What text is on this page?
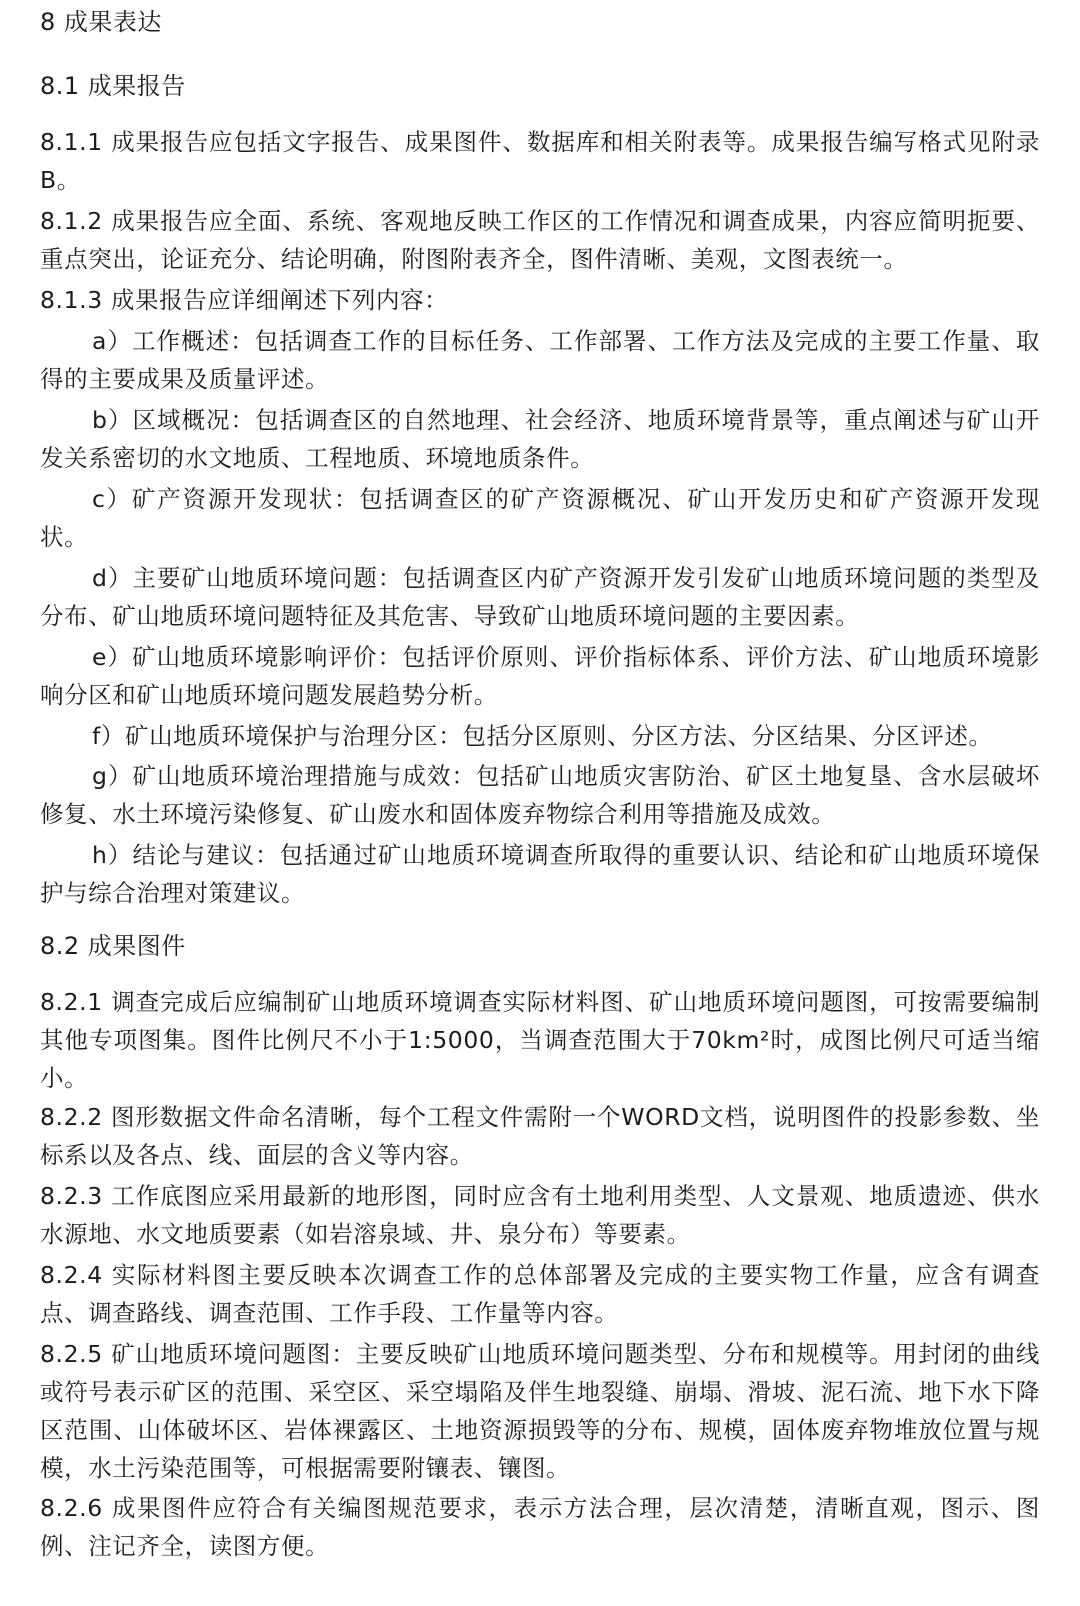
8 成果表达
8.1 成果报告
8.1.1 成果报告应包括文字报告、成果图件、数据库和相关附表等。成果报告编写格式见附录B。
8.1.2 成果报告应全面、系统、客观地反映工作区的工作情况和调查成果，内容应简明扼要、重点突出，论证充分、结论明确，附图附表齐全，图件清晰、美观，文图表统一。
8.1.3 成果报告应详细阐述下列内容：
a）工作概述：包括调查工作的目标任务、工作部署、工作方法及完成的主要工作量、取得的主要成果及质量评述。
b）区域概况：包括调查区的自然地理、社会经济、地质环境背景等，重点阐述与矿山开发关系密切的水文地质、工程地质、环境地质条件。
c）矿产资源开发现状：包括调查区的矿产资源概况、矿山开发历史和矿产资源开发现状。
d）主要矿山地质环境问题：包括调查区内矿产资源开发引发矿山地质环境问题的类型及分布、矿山地质环境问题特征及其危害、导致矿山地质环境问题的主要因素。
e）矿山地质环境影响评价：包括评价原则、评价指标体系、评价方法、矿山地质环境影响分区和矿山地质环境问题发展趋势分析。
f）矿山地质环境保护与治理分区：包括分区原则、分区方法、分区结果、分区评述。
g）矿山地质环境治理措施与成效：包括矿山地质灾害防治、矿区土地复垦、含水层破坏修复、水土环境污染修复、矿山废水和固体废弃物综合利用等措施及成效。
h）结论与建议：包括通过矿山地质环境调查所取得的重要认识、结论和矿山地质环境保护与综合治理对策建议。
8.2 成果图件
8.2.1 调查完成后应编制矿山地质环境调查实际材料图、矿山地质环境问题图，可按需要编制其他专项图集。图件比例尺不小于1:5000，当调查范围大于70km²时，成图比例尺可适当缩小。
8.2.2 图形数据文件命名清晰，每个工程文件需附一个WORD文档，说明图件的投影参数、坐标系以及各点、线、面层的含义等内容。
8.2.3 工作底图应采用最新的地形图，同时应含有土地利用类型、人文景观、地质遗迹、供水水源地、水文地质要素（如岩溶泉域、井、泉分布）等要素。
8.2.4 实际材料图主要反映本次调查工作的总体部署及完成的主要实物工作量，应含有调查点、调查路线、调查范围、工作手段、工作量等内容。
8.2.5 矿山地质环境问题图：主要反映矿山地质环境问题类型、分布和规模等。用封闭的曲线或符号表示矿区的范围、采空区、采空塌陷及伴生地裂缝、崩塌、滑坡、泥石流、地下水下降区范围、山体破坏区、岩体裸露区、土地资源损毁等的分布、规模，固体废弃物堆放位置与规模，水土污染范围等，可根据需要附镶表、镶图。
8.2.6 成果图件应符合有关编图规范要求，表示方法合理，层次清楚，清晰直观，图示、图例、注记齐全，读图方便。
